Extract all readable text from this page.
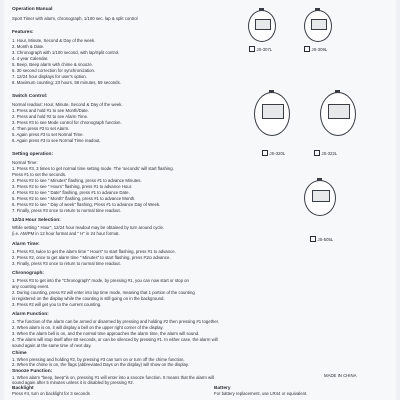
Operation Manual
Sport Timer with alarm, chronograph, 1/100 sec. lap & split control
Features:
1. Hour, Minute, Second & Day of the week.
2. Month & Date.
3. Chronograph with 1/100 second, with lap/Split control.
4. 4 year Calendar.
5. Beep, Beep alarm with chime & snooze.
6. 30 second correction for synchronization.
7. 12/24 hour displays for user's option.
8. Maximum counting: 23 hours, 59 minutes, 59 seconds.
Switch Control:
Normal readout: Hour, Minute, Second & Day of the week.
1. Press and hold #1 to see Month/Date.
2. Press and hold #2 to see Alarm Time.
3. Press #3 to see Mode control for chronograph function.
4. Then press #3 to set Alarm.
5. Again press #3 to set Normal Time.
6. Again press #3 to see Normal Time readout.
Setting operation:
Normal Time:
1. Press #3, 3 times to get normal time setting mode. The 'seconds' will start flashing.
Press #1 to set the seconds.
2. Press #2 to see " Minutes" flashing, press #1 to advance Minutes.
3. Press #2 to see " Hours" flashing, press #1 to advance Hour.
4. Press #2 to see " Date" flashing, press #1 to advance Date.
5. Press #2 to see " Month" flashing, press #1 to advance Month.
6. Press #2 to see " Day of week" flashing, Press #1 to advance Day of Week.
7. Finally, press #3 once to return to normal time readout.
12/24 Hour Selection:
While setting " Hour", 12/24 hour readout may be obtained by turn around cycle.
(i.e. AM/PM in 12 hour format and " H" in 24 hour format.
Alarm Time:
1. Press #3, twice to get the alarm time " Hours" to start flashing, press #1 to advance.
2. Press #2, once to get alarm time " Minutes" to start flashing, press #1to advance.
3. Finally, press #3 once to return to normal time readout.
Chronograph:
1. Press #3 to get into the "Chronograph" mode, by pressing #1, you can now start or stop on
any counting event.
2. During counting, press #2 will enter into lap time mode, meaning that 1 portion of the counting
is registered on the display while the counting is still going on in the background.
3. Press #2 will get you to the current counting.
Alarm Function:
1. The function of the alarm can be armed or disarmed by pressing and holding #2 then pressing #1 together.
2. When alarm is on, it will display a bell on the upper right corner of the display.
3. When the alarm bell is on, and the normal time approaches the alarm time, the alarm will sound.
4. The alarm will stop itself after 60 seconds, or can be silenced by pressing #1. In either case, the alarm will
sound again at the same time of next day.
Chime
1. When pressing and holding #2, by pressing #3 can turn on or turn off the chime function.
2. When the chime is on, the flags (abbreviated Days on the display) will show on the display.
Snooze Function:
1. When alarm "beep, beep"is on, pressing #1 will enter into a snooze function. It means that the alarm will
sound again after 5 minutes unless it is disabled by pressing #2.
Backlight
Press #4, turn on backlight for 3 seconds
Battery
For battery replacement, use LR44 or equivalent.
MADE IN CHINA
JS-307L	JS-309L
JS-320L	JS-322L
JS-505L
